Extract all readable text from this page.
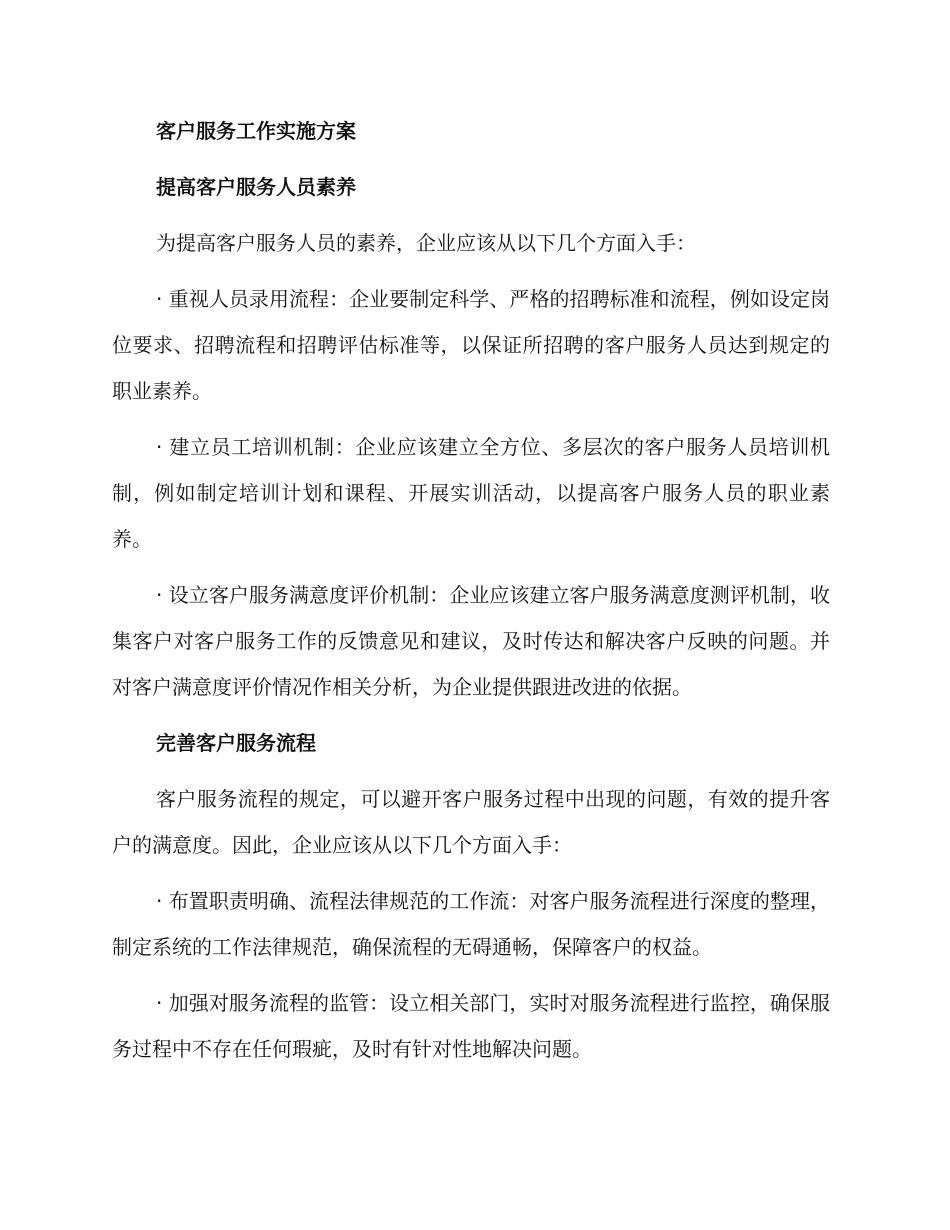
客户服务工作实施方案

提高客户服务人员素养

为提高客户服务人员的素养，企业应该从以下几个方面入手：

· 重视人员录用流程：企业要制定科学、严格的招聘标准和流程，例如设定岗位要求、招聘流程和招聘评估标准等，以保证所招聘的客户服务人员达到规定的职业素养。

· 建立员工培训机制：企业应该建立全方位、多层次的客户服务人员培训机制，例如制定培训计划和课程、开展实训活动，以提高客户服务人员的职业素养。

· 设立客户服务满意度评价机制：企业应该建立客户服务满意度测评机制，收集客户对客户服务工作的反馈意见和建议，及时传达和解决客户反映的问题。并对客户满意度评价情况作相关分析，为企业提供跟进改进的依据。

完善客户服务流程

客户服务流程的规定，可以避开客户服务过程中出现的问题，有效的提升客户的满意度。因此，企业应该从以下几个方面入手：

· 布置职责明确、流程法律规范的工作流：对客户服务流程进行深度的整理，制定系统的工作法律规范，确保流程的无碍通畅，保障客户的权益。

· 加强对服务流程的监管：设立相关部门，实时对服务流程进行监控，确保服务过程中不存在任何瑕疵，及时有针对性地解决问题。
